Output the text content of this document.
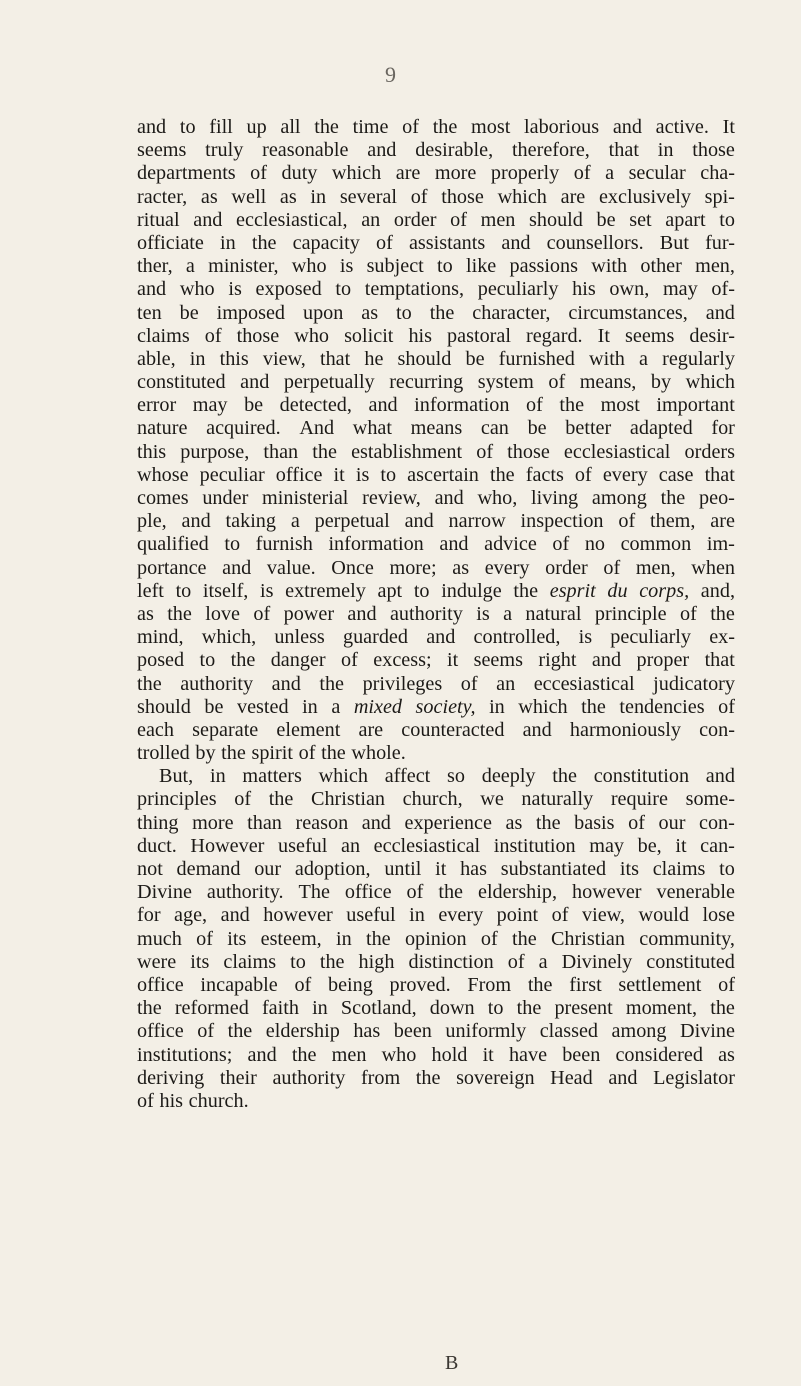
9
and to fill up all the time of the most laborious and active. It
seems truly reasonable and desirable, therefore, that in those
departments of duty which are more properly of a secular cha-
racter, as well as in several of those which are exclusively spi-
ritual and ecclesiastical, an order of men should be set apart to
officiate in the capacity of assistants and counsellors. But fur-
ther, a minister, who is subject to like passions with other men,
and who is exposed to temptations, peculiarly his own, may of-
ten be imposed upon as to the character, circumstances, and
claims of those who solicit his pastoral regard. It seems desir-
able, in this view, that he should be furnished with a regularly
constituted and perpetually recurring system of means, by which
error may be detected, and information of the most important
nature acquired. And what means can be better adapted for
this purpose, than the establishment of those ecclesiastical orders
whose peculiar office it is to ascertain the facts of every case that
comes under ministerial review, and who, living among the peo-
ple, and taking a perpetual and narrow inspection of them, are
qualified to furnish information and advice of no common im-
portance and value. Once more; as every order of men, when
left to itself, is extremely apt to indulge the esprit du corps, and,
as the love of power and authority is a natural principle of the
mind, which, unless guarded and controlled, is peculiarly ex-
posed to the danger of excess; it seems right and proper that
the authority and the privileges of an eccesiastical judicatory
should be vested in a mixed society, in which the tendencies of
each separate element are counteracted and harmoniously con-
trolled by the spirit of the whole.
But, in matters which affect so deeply the constitution and
principles of the Christian church, we naturally require some-
thing more than reason and experience as the basis of our con-
duct. However useful an ecclesiastical institution may be, it can-
not demand our adoption, until it has substantiated its claims to
Divine authority. The office of the eldership, however venerable
for age, and however useful in every point of view, would lose
much of its esteem, in the opinion of the Christian community,
were its claims to the high distinction of a Divinely constituted
office incapable of being proved. From the first settlement of
the reformed faith in Scotland, down to the present moment, the
office of the eldership has been uniformly classed among Divine
institutions; and the men who hold it have been considered as
deriving their authority from the sovereign Head and Legislator
of his church.
B
